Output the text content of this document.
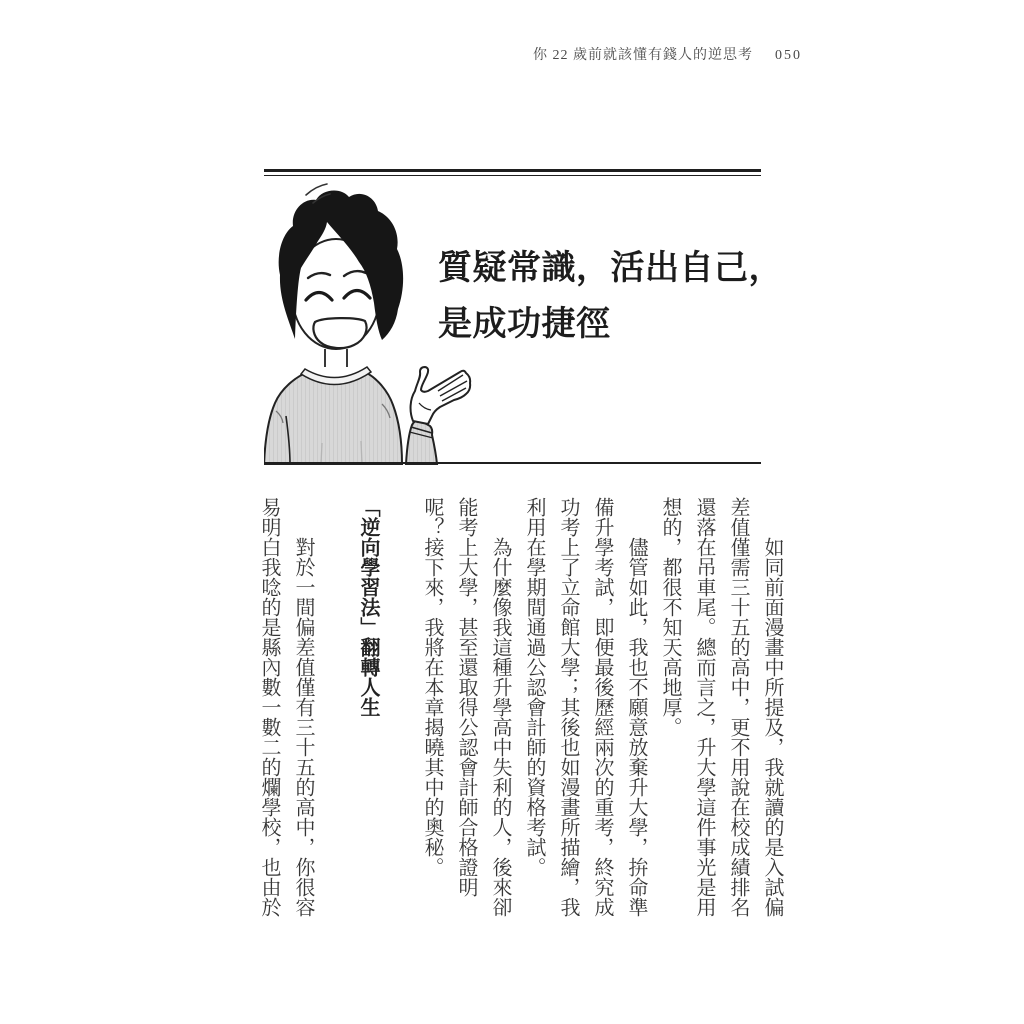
你 22 歲前就該懂有錢人的逆思考 050
質疑常識，活出自己，
是成功捷徑

如同前面漫畫中所提及，我就讀的是入試偏差值僅需三十五的高中，更不用說在校成績排名還落在吊車尾。總而言之，升大學這件事光是用想的，都很不知天高地厚。

儘管如此，我也不願意放棄升大學，拚命準備升學考試，即便最後歷經兩次的重考，終究成功考上了立命館大學；其後也如漫畫所描繪，我利用在學期間通過公認會計師的資格考試。

為什麼像我這種升學高中失利的人，後來卻能考上大學，甚至還取得公認會計師合格證明呢？接下來，我將在本章揭曉其中的奧秘。

「逆向學習法」翻轉人生

對於一間偏差值僅有三十五的高中，你很容易明白我唸的是縣內數一數二的爛學校，也由於
